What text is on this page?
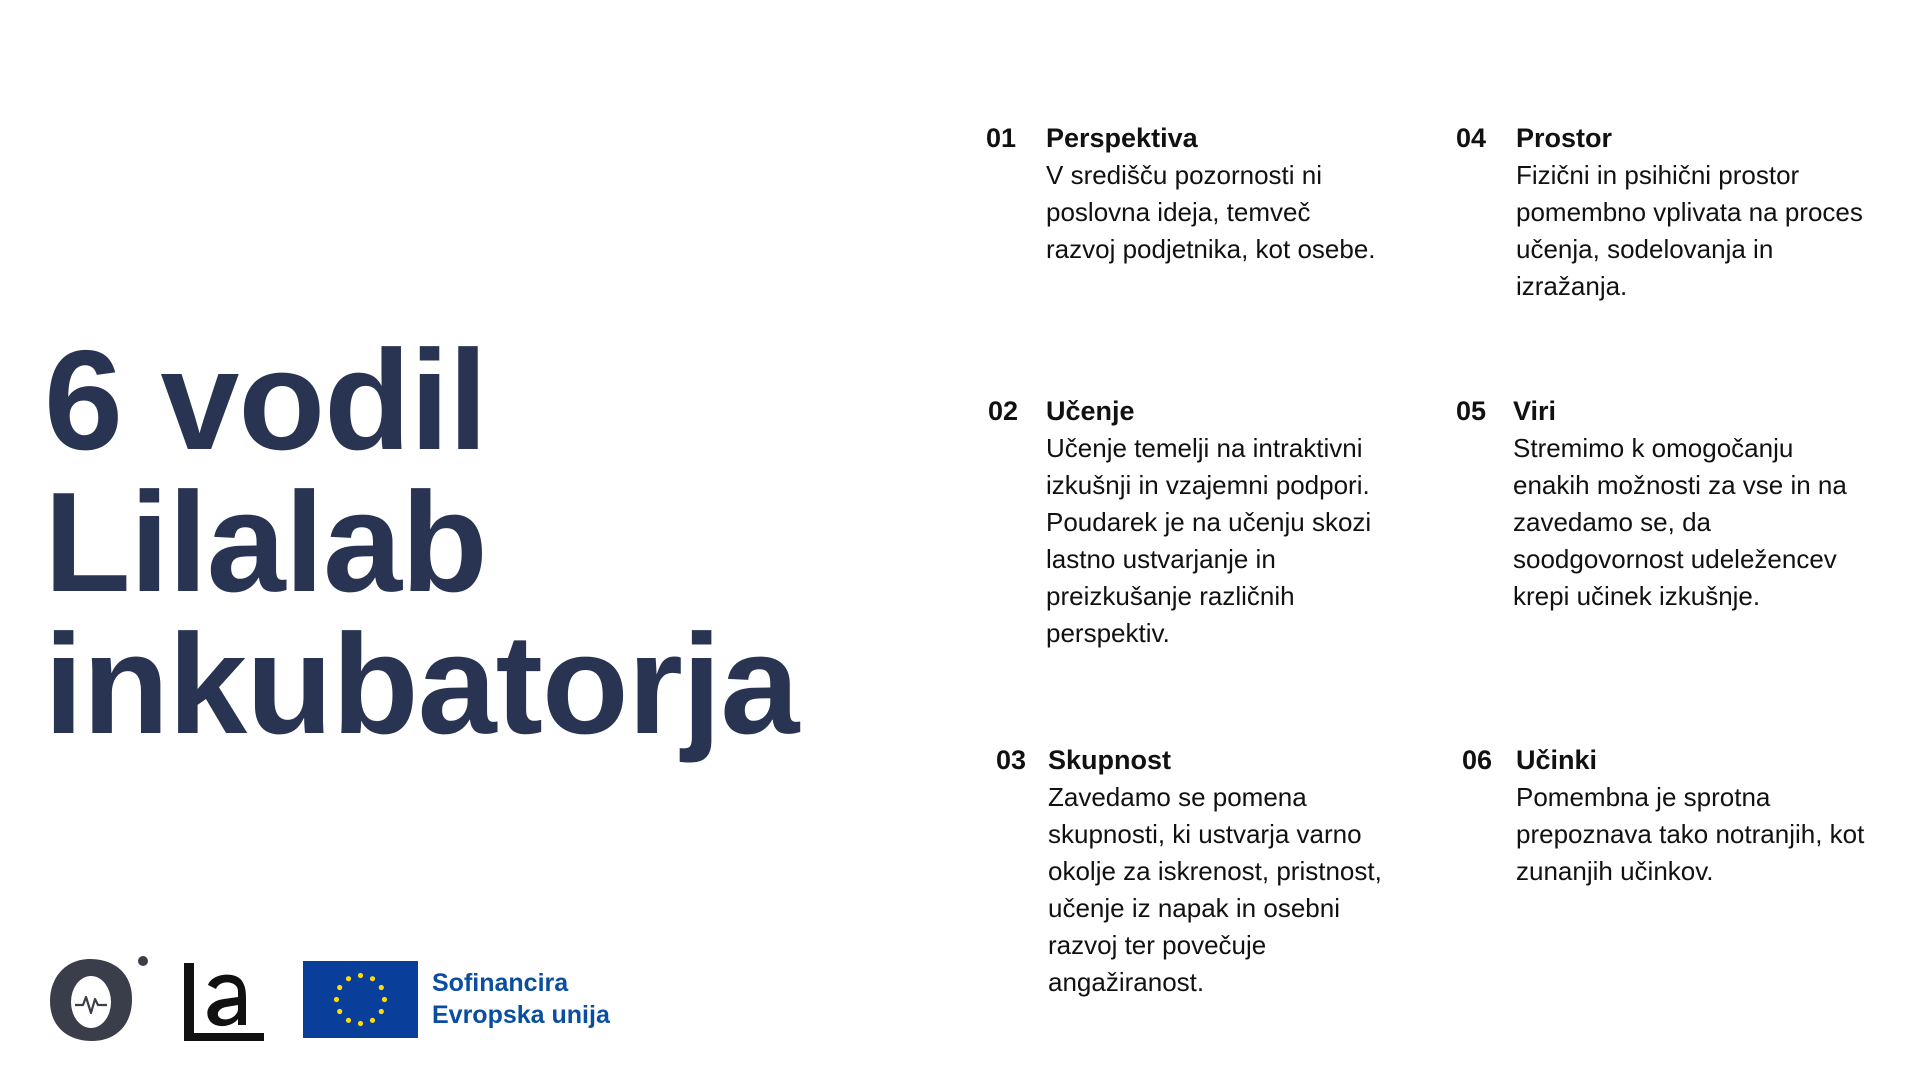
6 vodil
Lilalab
inkubatorja
01 Perspektiva

V središču pozornosti ni poslovna ideja, temveč razvoj podjetnika, kot osebe.

02 Učenje

Učenje temelji na intraktivni izkušnji in vzajemni podpori. Poudarek je na učenju skozi lastno ustvarjanje in preizkušanje različnih perspektiv.

03 Skupnost

Zavedamo se pomena skupnosti, ki ustvarja varno okolje za iskrenost, pristnost, učenje iz napak in osebni razvoj ter povečuje angažiranost.

04 Prostor

Fizični in psihični prostor pomembno vplivata na proces učenja, sodelovanja in izražanja.

05 Viri

Stremimo k omogočanju enakih možnosti za vse in na zavedamo se, da soodgovornost udeležencev krepi učinek izkušnje.

06 Učinki

Pomembna je sprotna prepoznava tako notranjih, kot zunanjih učinkov.

Sofinancira
Evropska unija
